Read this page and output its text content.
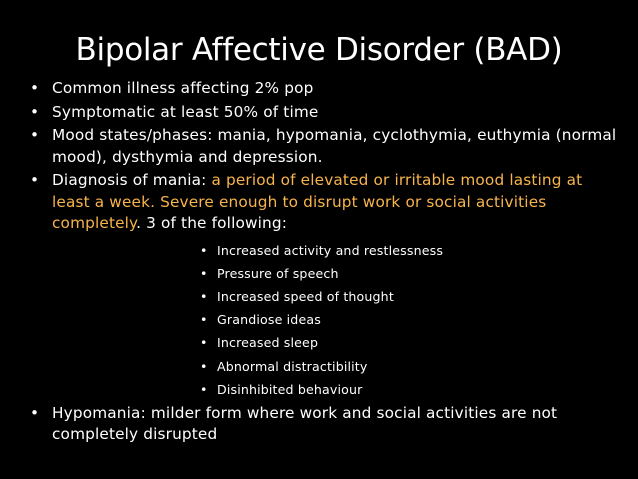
Bipolar Affective Disorder (BAD)
• Common illness affecting 2% pop
• Symptomatic at least 50% of time
• Mood states/phases: mania, hypomania, cyclothymia, euthymia (normal mood), dysthymia and depression.
• Diagnosis of mania: a period of elevated or irritable mood lasting at least a week. Severe enough to disrupt work or social activities completely. 3 of the following:
• Increased activity and restlessness
• Pressure of speech
• Increased speed of thought
• Grandiose ideas
• Increased sleep
• Abnormal distractibility
• Disinhibited behaviour
• Hypomania: milder form where work and social activities are not completely disrupted
